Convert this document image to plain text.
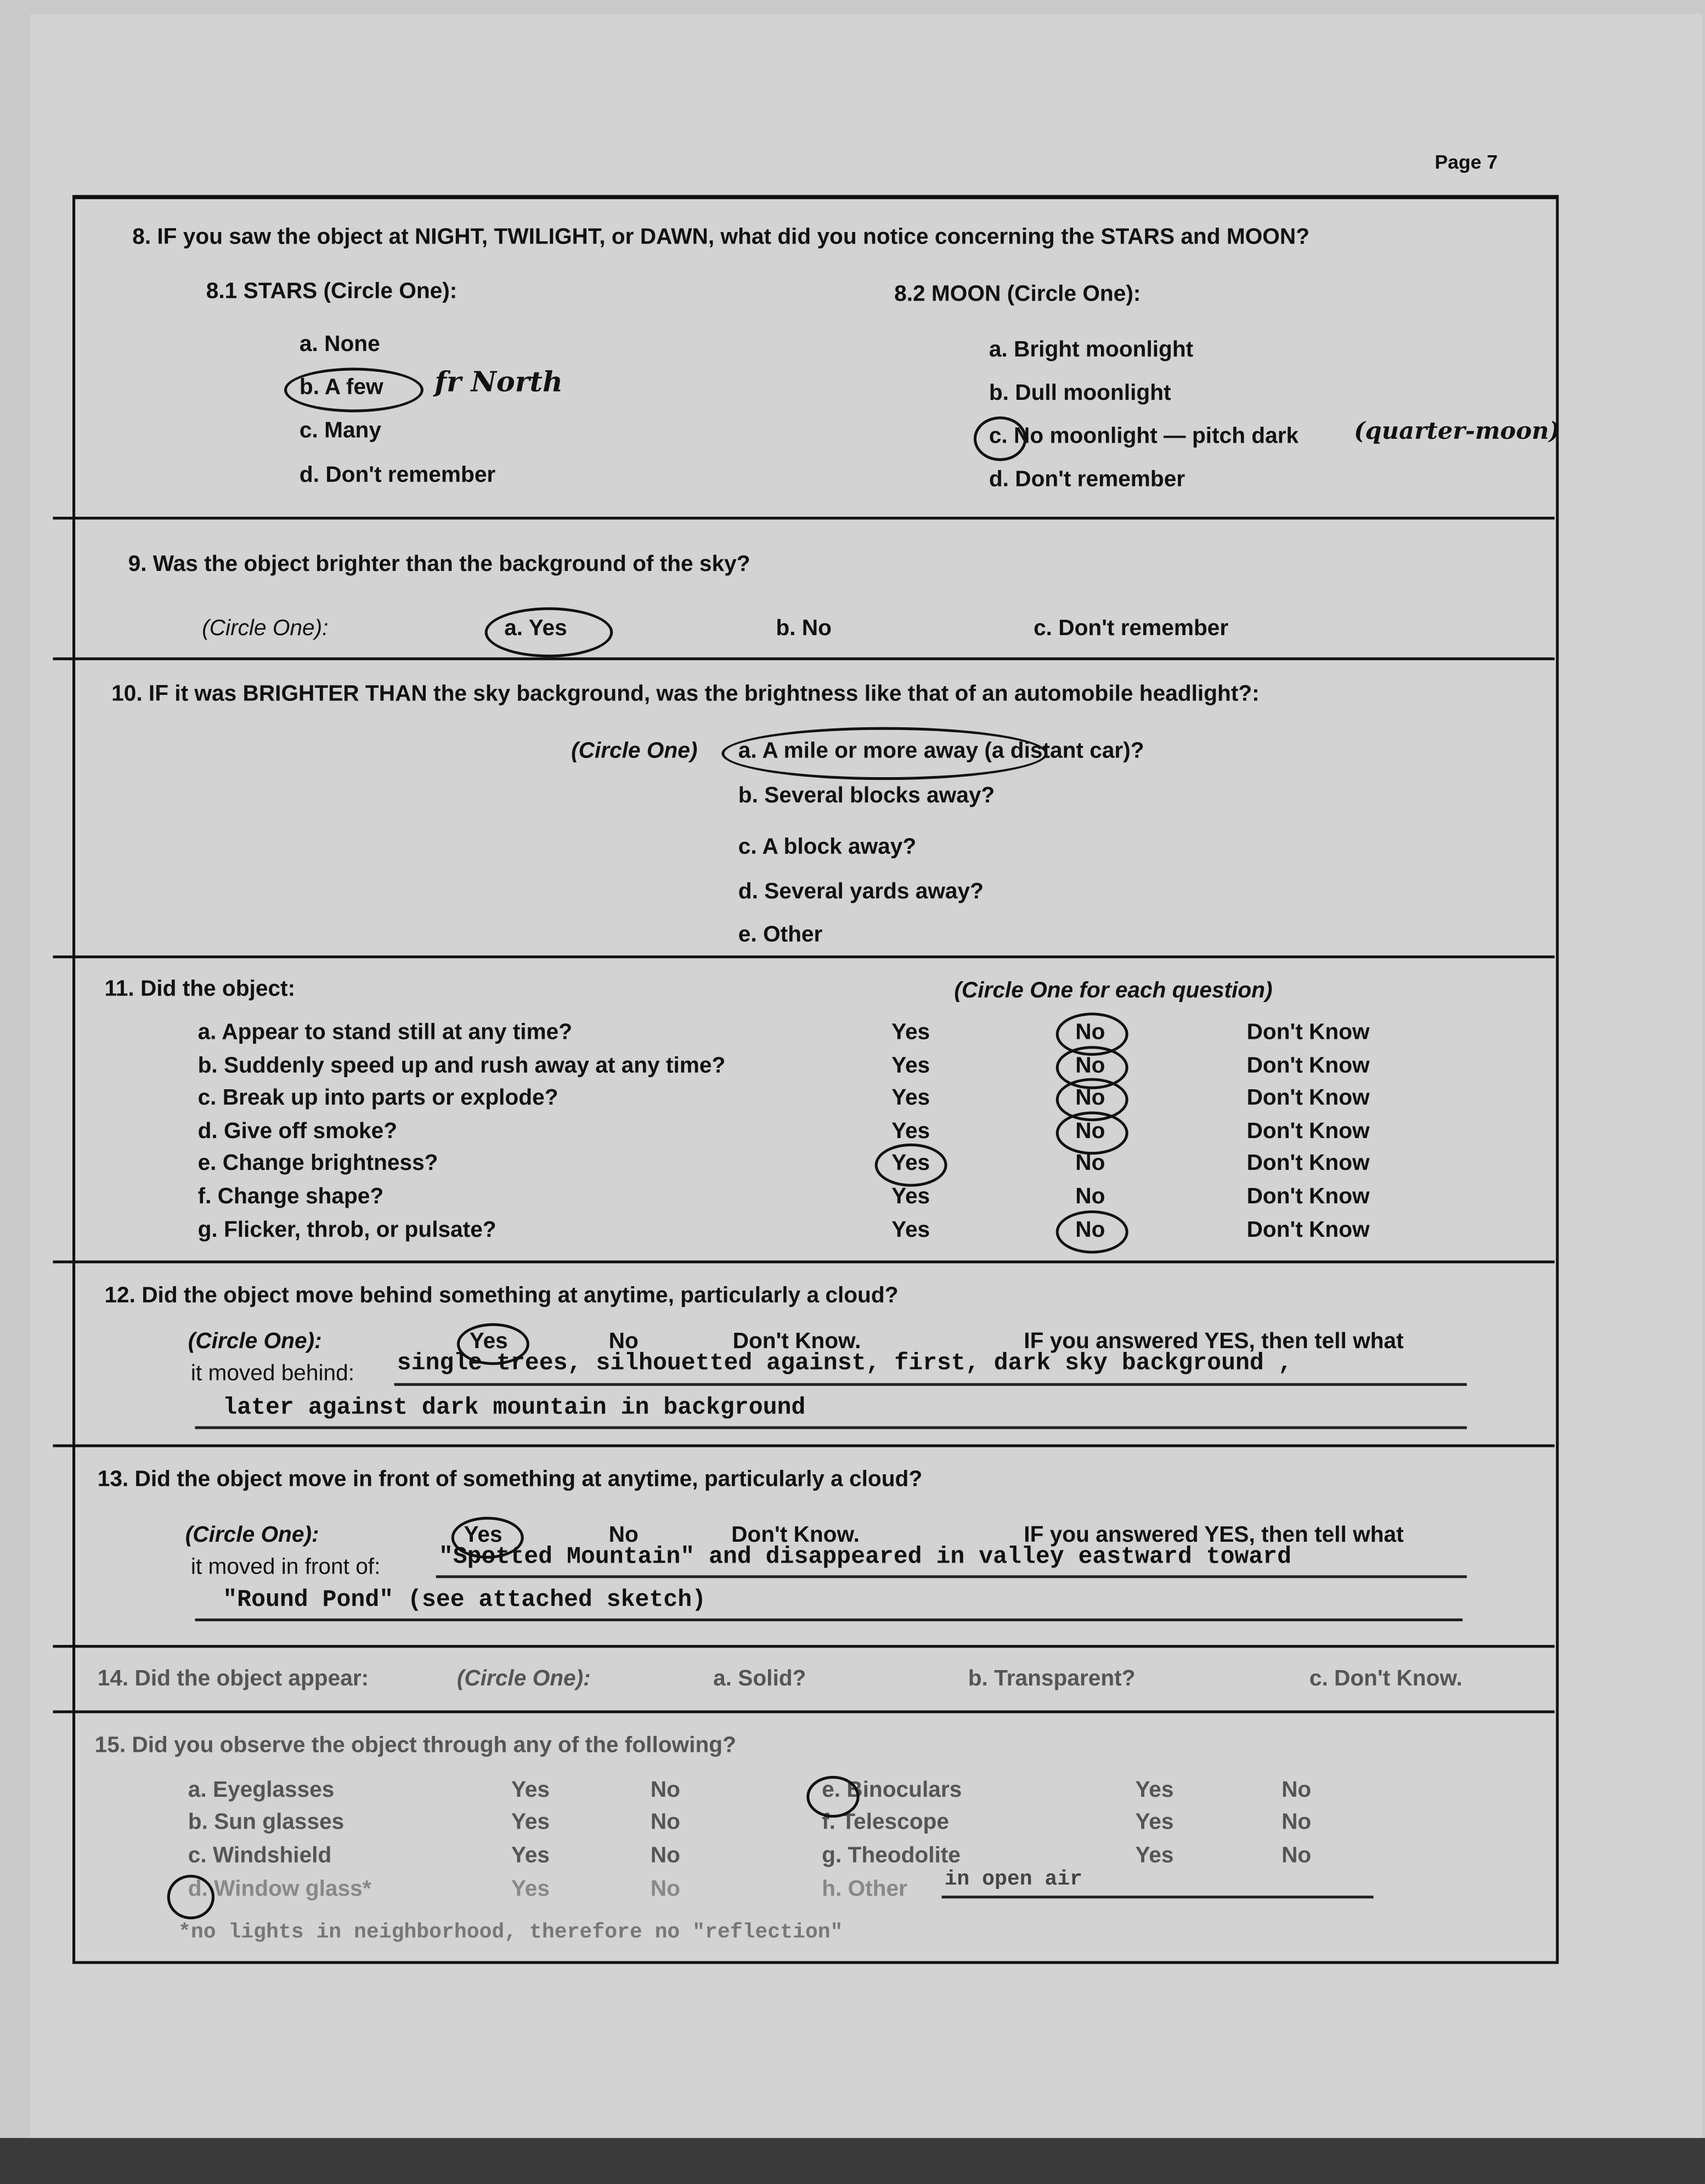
Page 7
8. IF you saw the object at NIGHT, TWILIGHT, or DAWN, what did you notice concerning the STARS and MOON?
8.1 STARS (Circle One):	8.2 MOON (Circle One):
a. None
b. A few	fr North
c. Many
d. Don't remember
a. Bright moonlight
b. Dull moonlight
c. No moonlight — pitch dark	(quarter-moon)
d. Don't remember
9. Was the object brighter than the background of the sky?
(Circle One):	a. Yes	b. No	c. Don't remember
10. IF it was BRIGHTER THAN the sky background, was the brightness like that of an automobile headlight?:
(Circle One)	a. A mile or more away (a distant car)?
b. Several blocks away?
c. A block away?
d. Several yards away?
e. Other
11. Did the object:	(Circle One for each question)
a. Appear to stand still at any time?	Yes	No	Don't Know
b. Suddenly speed up and rush away at any time?	Yes	No	Don't Know
c. Break up into parts or explode?	Yes	No	Don't Know
d. Give off smoke?	Yes	No	Don't Know
e. Change brightness?	Yes	No	Don't Know
f. Change shape?	Yes	No	Don't Know
g. Flicker, throb, or pulsate?	Yes	No	Don't Know
12. Did the object move behind something at anytime, particularly a cloud?
(Circle One):	Yes	No	Don't Know.	IF you answered YES, then tell what
it moved behind:	single trees, silhouetted against, first, dark sky background ,
later against dark mountain in background
13. Did the object move in front of something at anytime, particularly a cloud?
(Circle One):	Yes	No	Don't Know.	IF you answered YES, then tell what
it moved in front of:	"Spotted Mountain" and disappeared in valley eastward toward
"Round Pond" (see attached sketch)
14. Did the object appear:	(Circle One):	a. Solid?	b. Transparent?	c. Don't Know.
15. Did you observe the object through any of the following?
a. Eyeglasses	Yes	No	e. Binoculars	Yes	No
b. Sun glasses	Yes	No	f. Telescope	Yes	No
c. Windshield	Yes	No	g. Theodolite	Yes	No
d. Window glass*	Yes	No	h. Other	in open air
*no lights in neighborhood, therefore no "reflection"
